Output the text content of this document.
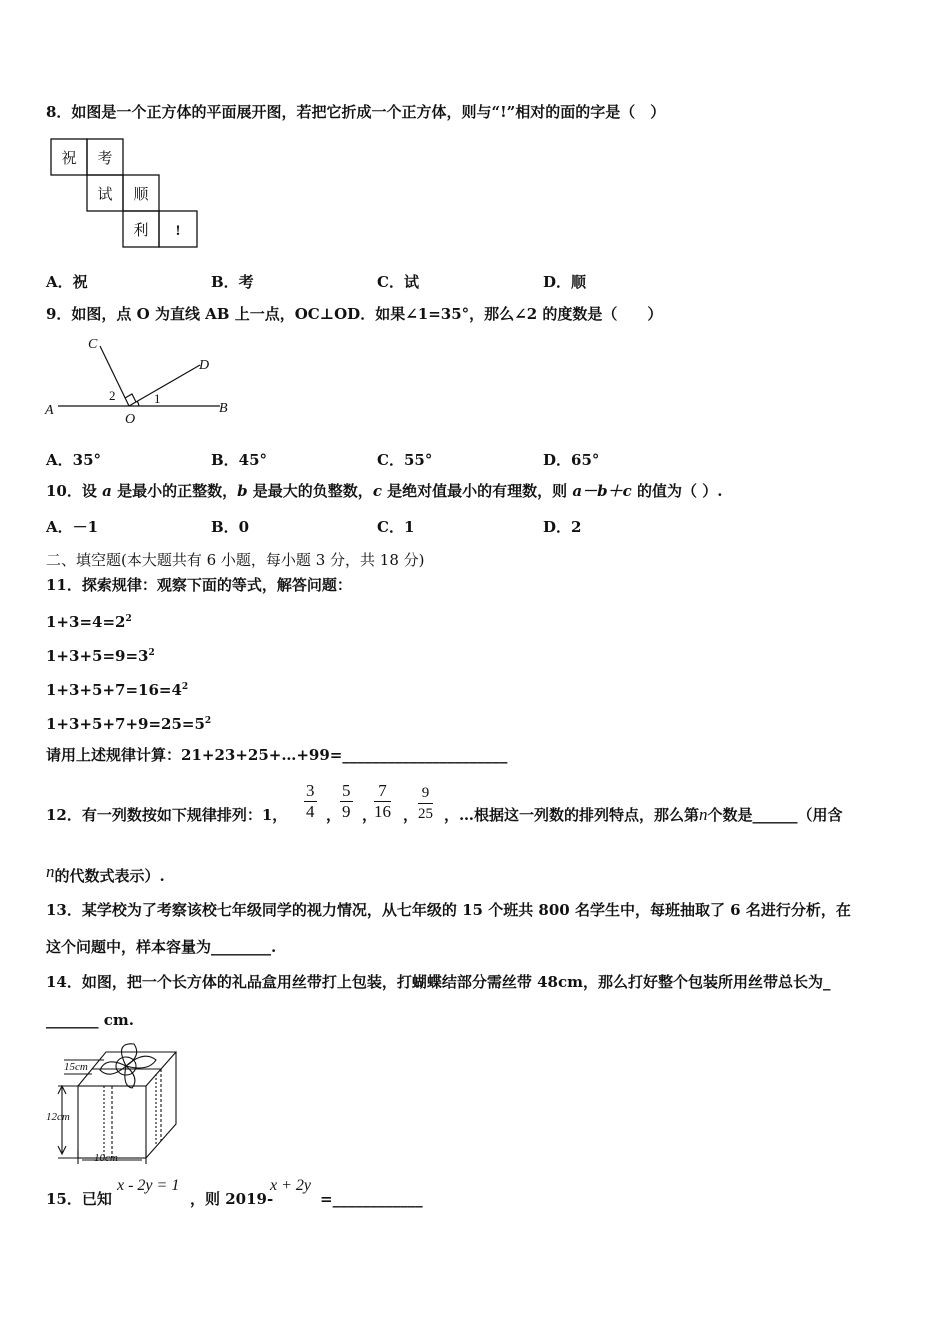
8．如图是一个正方体的平面展开图，若把它折成一个正方体，则与“!”相对的面的字是（　）
祝 考
试 顺
利 !
A．祝	B．考	C．试	D．顺
9．如图，点 O 为直线 AB 上一点，OC⊥OD．如果∠1=35°，那么∠2 的度数是（　　）
A	B
C
D
O
1
2
A．35°	B．45°	C．55°	D．65°
10．设 a 是最小的正整数，b 是最大的负整数，c 是绝对值最小的有理数，则 a－b＋c 的值为（ ）.
A．－1	B．0	C．1	D．2
二、填空题(本大题共有 6 小题，每小题 3 分，共 18 分)
11．探索规律：观察下面的等式，解答问题：
$1+3=4=2^2$
$1+3+5=9=3^2$
$1+3+5+7=16=4^2$
$1+3+5+7+9=25=5^2$
请用上述规律计算：21+23+25+…+99=______________________
12．有一列数按如下规律排列：1， $\frac{3}{4}$ ，
$\frac{5}{9}$ ，
$\frac{7}{16}$ ， $\frac{9}{25}$ ，…根据这一列数的排列特点，那么第n个数是______（用含
n的代数式表示）.
13．某学校为了考察该校七年级同学的视力情况，从七年级的 15 个班共 800 名学生中，每班抽取了 6 名进行分析，在
这个问题中，样本容量为________.
14．如图，把一个长方体的礼品盒用丝带打上包装，打蝴蝶结部分需丝带 48cm，那么打好整个包装所用丝带总长为_
_______ cm.
15cm
12cm
10cm
15．已知
x - 2y = 1
，则 2019-
x + 2y
=____________
